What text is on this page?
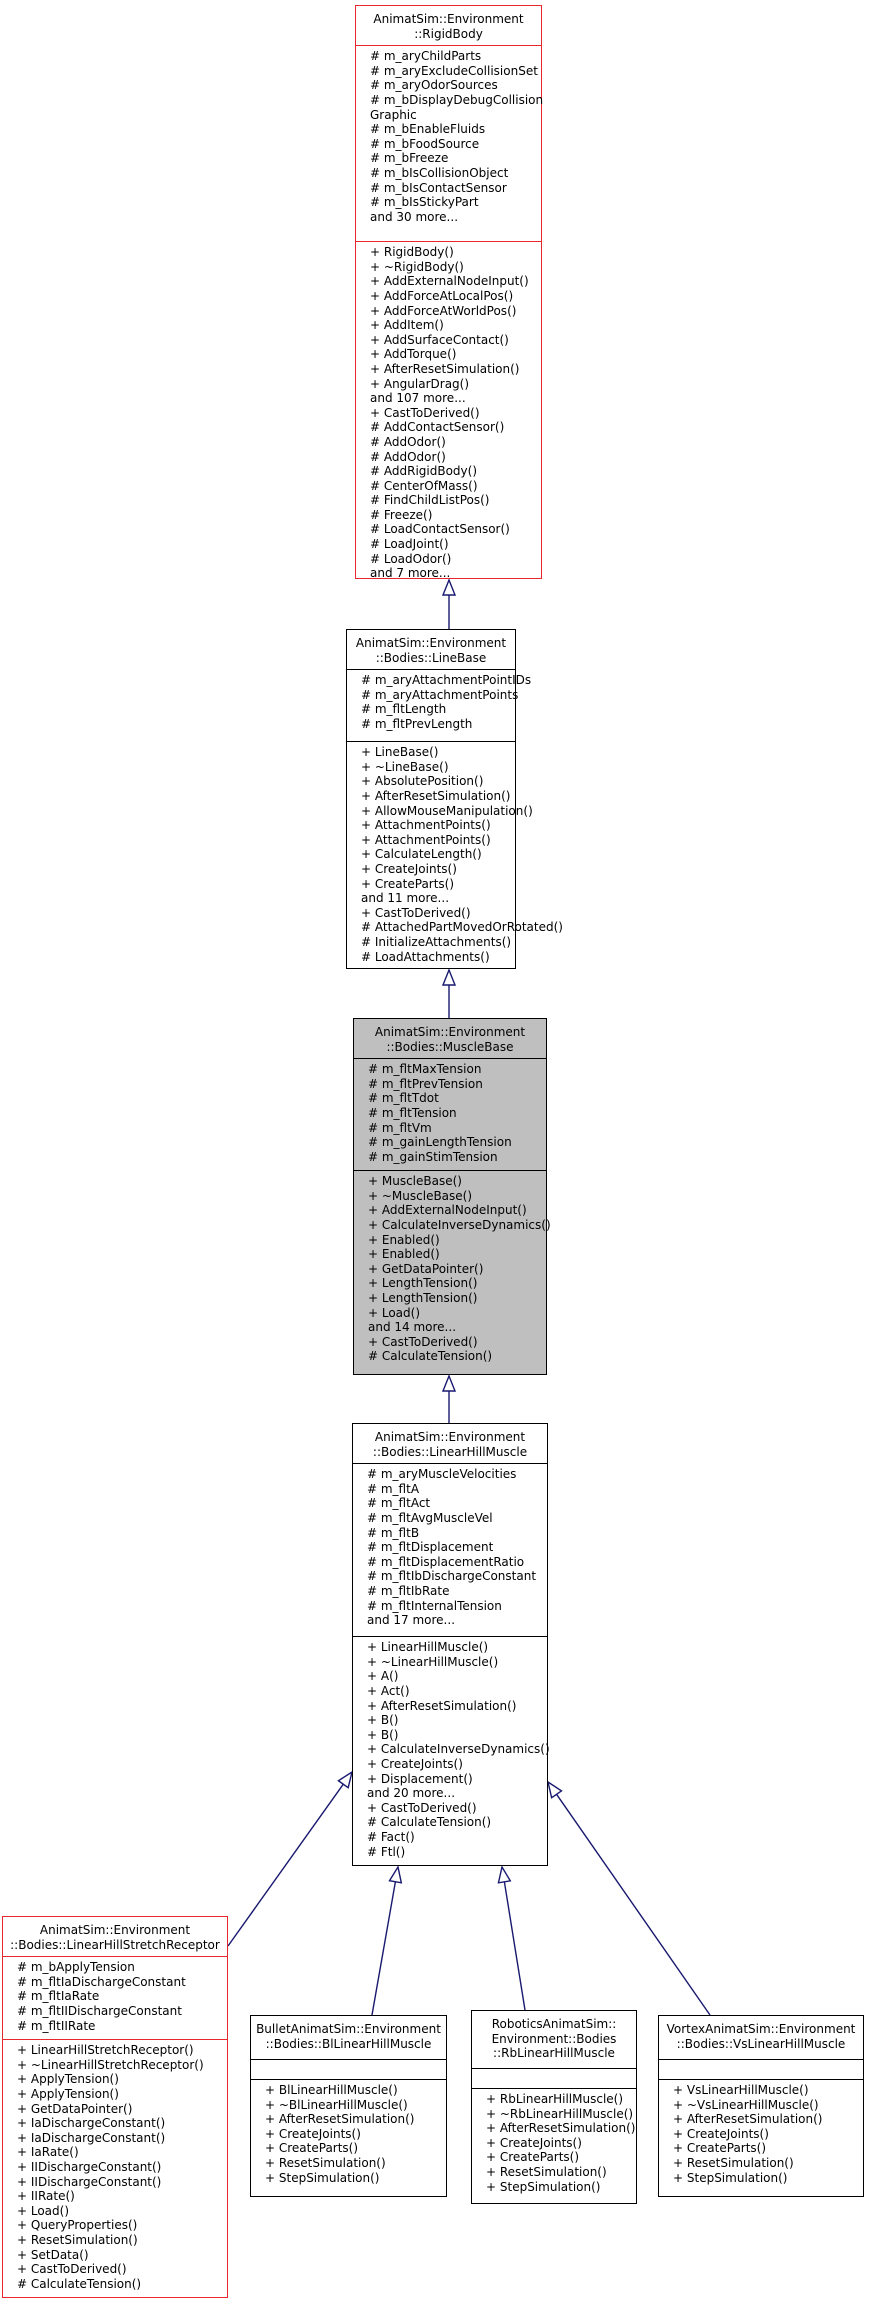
AnimatSim::Environment
::RigidBody
# m_aryChildParts
# m_aryExcludeCollisionSet
# m_aryOdorSources
# m_bDisplayDebugCollision
Graphic
# m_bEnableFluids
# m_bFoodSource
# m_bFreeze
# m_bIsCollisionObject
# m_bIsContactSensor
# m_bIsStickyPart
and 30 more...
+ RigidBody()
+ ~RigidBody()
+ AddExternalNodeInput()
+ AddForceAtLocalPos()
+ AddForceAtWorldPos()
+ AddItem()
+ AddSurfaceContact()
+ AddTorque()
+ AfterResetSimulation()
+ AngularDrag()
and 107 more...
+ CastToDerived()
# AddContactSensor()
# AddOdor()
# AddOdor()
# AddRigidBody()
# CenterOfMass()
# FindChildListPos()
# Freeze()
# LoadContactSensor()
# LoadJoint()
# LoadOdor()
and 7 more...
AnimatSim::Environment
::Bodies::LineBase
# m_aryAttachmentPointIDs
# m_aryAttachmentPoints
# m_fltLength
# m_fltPrevLength
+ LineBase()
+ ~LineBase()
+ AbsolutePosition()
+ AfterResetSimulation()
+ AllowMouseManipulation()
+ AttachmentPoints()
+ AttachmentPoints()
+ CalculateLength()
+ CreateJoints()
+ CreateParts()
and 11 more...
+ CastToDerived()
# AttachedPartMovedOrRotated()
# InitializeAttachments()
# LoadAttachments()
AnimatSim::Environment
::Bodies::MuscleBase
# m_fltMaxTension
# m_fltPrevTension
# m_fltTdot
# m_fltTension
# m_fltVm
# m_gainLengthTension
# m_gainStimTension
+ MuscleBase()
+ ~MuscleBase()
+ AddExternalNodeInput()
+ CalculateInverseDynamics()
+ Enabled()
+ Enabled()
+ GetDataPointer()
+ LengthTension()
+ LengthTension()
+ Load()
and 14 more...
+ CastToDerived()
# CalculateTension()
AnimatSim::Environment
::Bodies::LinearHillMuscle
# m_aryMuscleVelocities
# m_fltA
# m_fltAct
# m_fltAvgMuscleVel
# m_fltB
# m_fltDisplacement
# m_fltDisplacementRatio
# m_fltIbDischargeConstant
# m_fltIbRate
# m_fltInternalTension
and 17 more...
+ LinearHillMuscle()
+ ~LinearHillMuscle()
+ A()
+ Act()
+ AfterResetSimulation()
+ B()
+ B()
+ CalculateInverseDynamics()
+ CreateJoints()
+ Displacement()
and 20 more...
+ CastToDerived()
# CalculateTension()
# Fact()
# Ftl()
AnimatSim::Environment
::Bodies::LinearHillStretchReceptor
# m_bApplyTension
# m_fltIaDischargeConstant
# m_fltIaRate
# m_fltIIDischargeConstant
# m_fltIIRate
+ LinearHillStretchReceptor()
+ ~LinearHillStretchReceptor()
+ ApplyTension()
+ ApplyTension()
+ GetDataPointer()
+ IaDischargeConstant()
+ IaDischargeConstant()
+ IaRate()
+ IIDischargeConstant()
+ IIDischargeConstant()
+ IIRate()
+ Load()
+ QueryProperties()
+ ResetSimulation()
+ SetData()
+ CastToDerived()
# CalculateTension()
BulletAnimatSim::Environment
::Bodies::BlLinearHillMuscle
+ BlLinearHillMuscle()
+ ~BlLinearHillMuscle()
+ AfterResetSimulation()
+ CreateJoints()
+ CreateParts()
+ ResetSimulation()
+ StepSimulation()
RoboticsAnimatSim::
Environment::Bodies
::RbLinearHillMuscle
+ RbLinearHillMuscle()
+ ~RbLinearHillMuscle()
+ AfterResetSimulation()
+ CreateJoints()
+ CreateParts()
+ ResetSimulation()
+ StepSimulation()
VortexAnimatSim::Environment
::Bodies::VsLinearHillMuscle
+ VsLinearHillMuscle()
+ ~VsLinearHillMuscle()
+ AfterResetSimulation()
+ CreateJoints()
+ CreateParts()
+ ResetSimulation()
+ StepSimulation()
